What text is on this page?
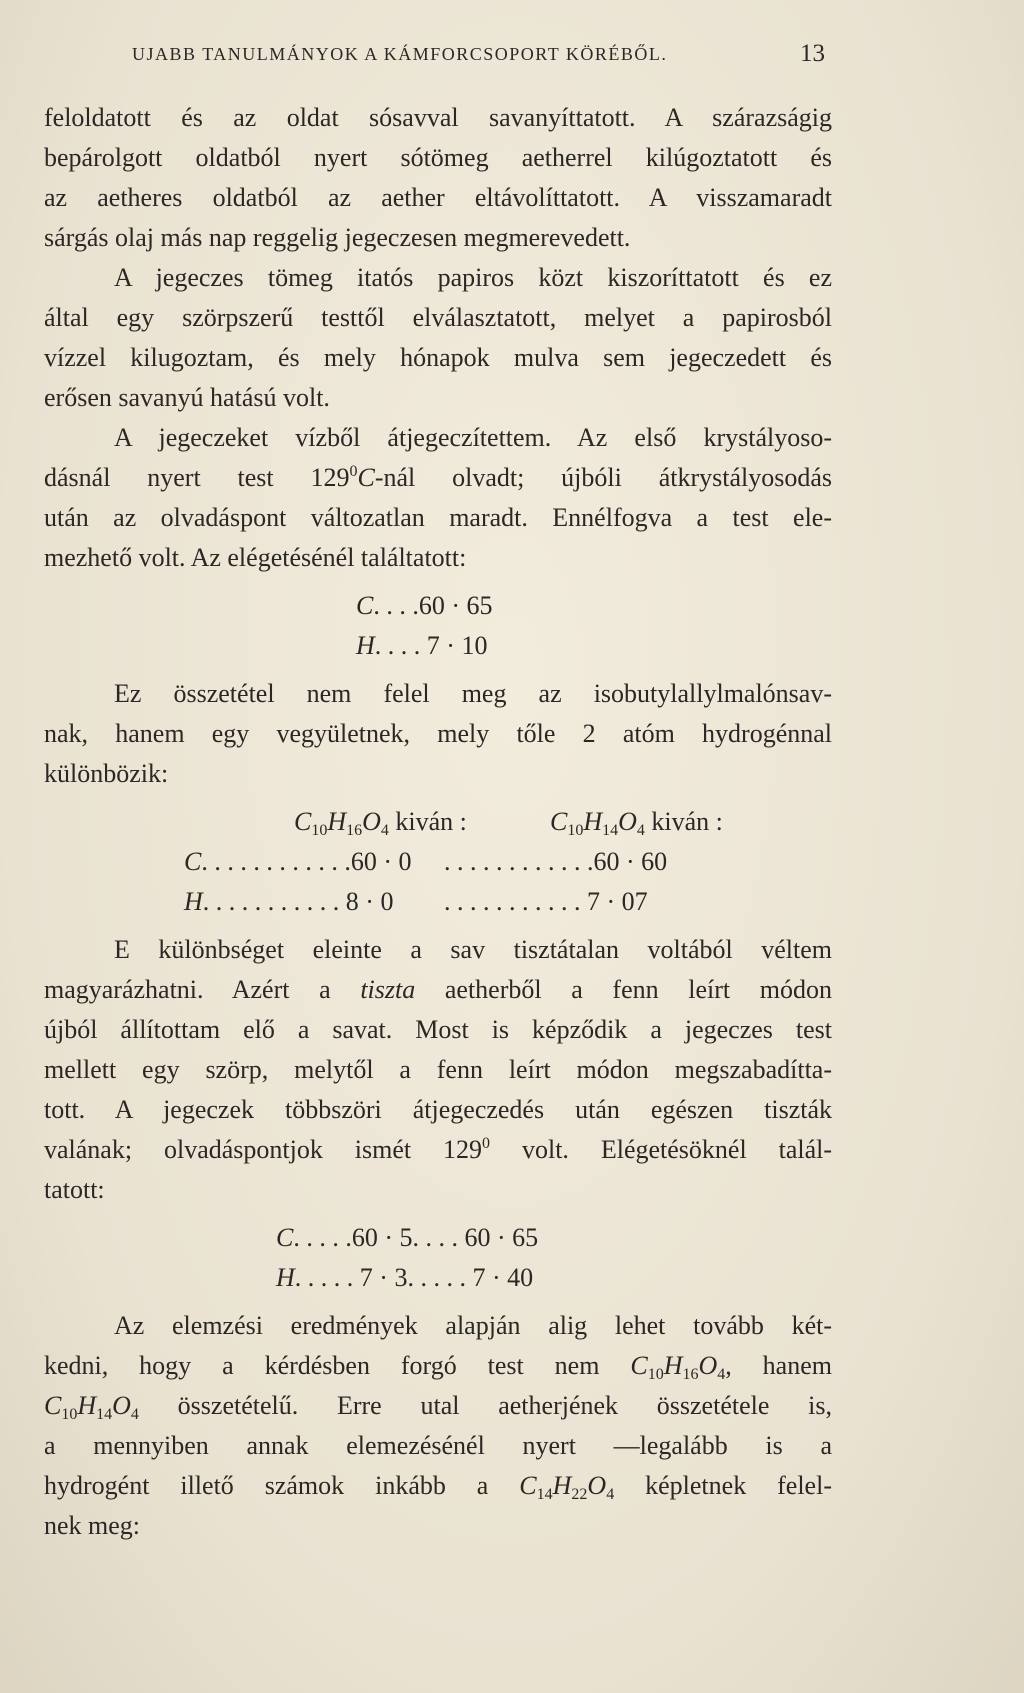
UJABB TANULMÁNYOK A KÁMFORCSOPORT KÖRÉBŐL.	13

feloldatott és az oldat sósavval savanyíttatott. A szárazságig

bepárolgott oldatból nyert sótömeg aetherrel kilúgoztatott és

az aetheres oldatból az aether eltávolíttatott. A visszamaradt

sárgás olaj más nap reggelig jegeczesen megmerevedett.

A jegeczes tömeg itatós papiros közt kiszoríttatott és ez

által egy szörpszerű testtől elválasztatott, melyet a papirosból

vízzel kilugoztam, és mely hónapok mulva sem jegeczedett és

erősen savanyú hatású volt.

A jegeczeket vízből átjegeczítettem. Az első krystályoso-

dásnál nyert test $129^0C$-nál olvadt; újbóli átkrystályosodás

után az olvadáspont változatlan maradt. Ennélfogva a test ele-

mezhető volt. Az elégetésénél találtatott:

C. . . .60 · 65
H. . . . 7 · 10

Ez összetétel nem felel meg az isobutylallylmalónsav-

nak, hanem egy vegyületnek, mely tőle 2 atóm hydrogénnal

különbözik:

$C_{10}H_{16}O_4$ kiván :	$C_{10}H_{14}O_4$ kiván :
C. . . . . . . . . . . .60 · 0 . . . . . . . . . . . .60 · 60
H. . . . . . . . . . . 8 · 0 . . . . . . . . . . . 7 · 07

E különbséget eleinte a sav tisztátalan voltából véltem

magyarázhatni. Azért a tiszta aetherből a fenn leírt módon

újból állítottam elő a savat. Most is képződik a jegeczes test

mellett egy szörp, melytől a fenn leírt módon megszabadítta-

tott. A jegeczek többszöri átjegeczedés után egészen tiszták

valának; olvadáspontjok ismét $129^0$ volt. Elégetésöknél talál-

tatott:

C. . . . .60 · 5. . . . 60 · 65
H. . . . . 7 · 3. . . . . 7 · 40

Az elemzési eredmények alapján alig lehet tovább két-

kedni, hogy a kérdésben forgó test nem $C_{10}H_{16}O_4$, hanem

$C_{10}H_{14}O_4$ összetételű. Erre utal aetherjének összetétele is,

a mennyiben annak elemezésénél nyert —legalább is a

hydrogént illető számok inkább a $C_{14}H_{22}O_4$ képletnek felel-

nek meg:
